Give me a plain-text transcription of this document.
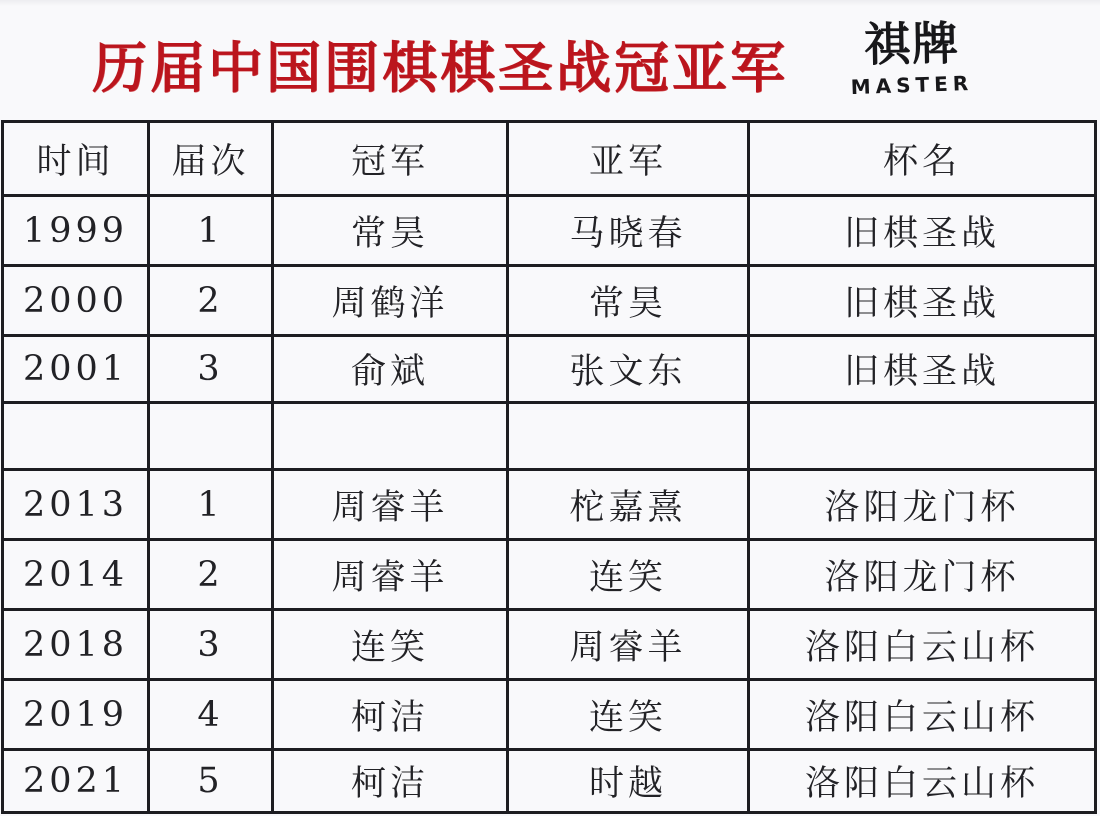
历届中国围棋棋圣战冠亚军	祺牌
MASTER
时间	届次	冠军	亚军	杯名
1999	1	常昊	马晓春	旧棋圣战
2000	2	周鹤洋	常昊	旧棋圣战
2001	3	俞斌	张文东	旧棋圣战

2013	1	周睿羊	柁嘉熹	洛阳龙门杯
2014	2	周睿羊	连笑	洛阳龙门杯
2018	3	连笑	周睿羊	洛阳白云山杯
2019	4	柯洁	连笑	洛阳白云山杯
2021	5	柯洁	时越	洛阳白云山杯
